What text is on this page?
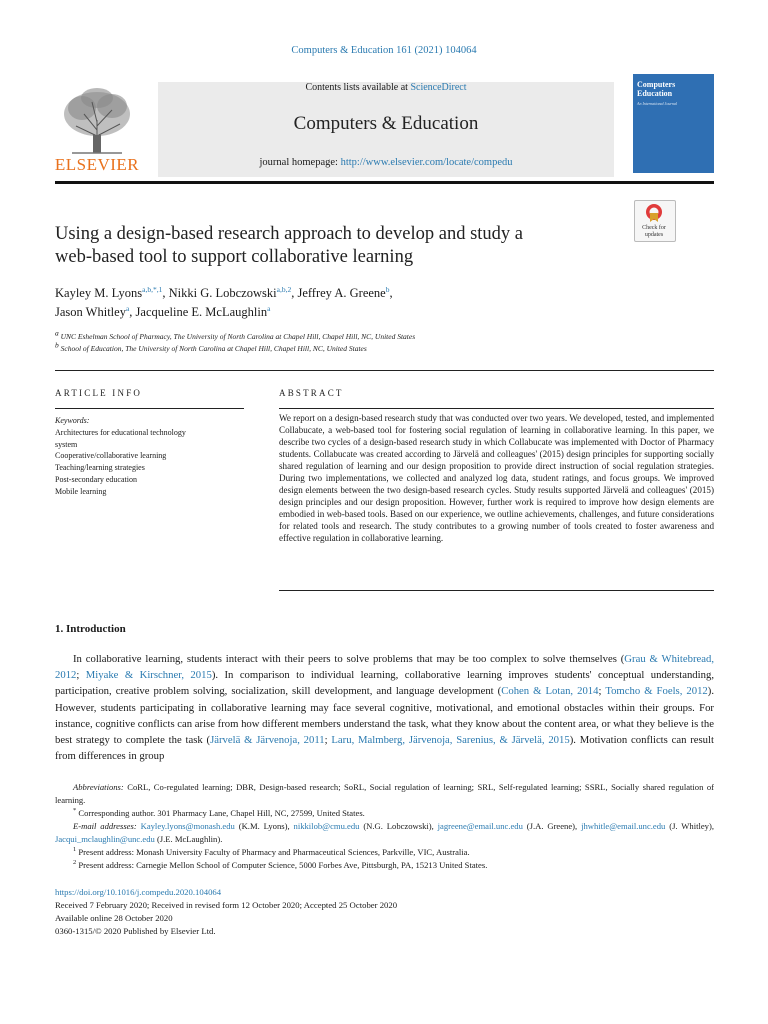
Computers & Education 161 (2021) 104064
ELSEVIER
Contents lists available at ScienceDirect
Computers & Education
journal homepage: http://www.elsevier.com/locate/compedu
Computers
Education
An International Journal
Check for updates
Using a design-based research approach to develop and study a
web-based tool to support collaborative learning
Kayley M. Lyons$^{a,b,*,1}$, Nikki G. Lobczowski$^{a,b,2}$, Jeffrey A. Greene$^b$,
Jason Whitley$^a$, Jacqueline E. McLaughlin$^a$
$^a$ UNC Eshelman School of Pharmacy, The University of North Carolina at Chapel Hill, Chapel Hill, NC, United States
$^b$ School of Education, The University of North Carolina at Chapel Hill, Chapel Hill, NC, United States
ARTICLE INFO
Keywords:
Architectures for educational technology
system
Cooperative/collaborative learning
Teaching/learning strategies
Post-secondary education
Mobile learning
ABSTRACT
We report on a design-based research study that was conducted over two years. We developed, tested, and implemented Collabucate, a web-based tool for fostering social regulation of learning in collaborative learning. In this paper, we describe two cycles of a design-based research study in which Collabucate was implemented with Doctor of Pharmacy students. Collabucate was created according to Järvelä and colleagues' (2015) design principles for supporting socially shared regulation of learning and our design proposition to provide direct instruction of social regulation strategies. During two implementations, we collected and analyzed log data, student ratings, and focus groups. We improved design elements between the two design-based research cycles. Study results supported Järvelä and colleagues' (2015) design principles and our design proposition. However, further work is required to improve how design elements are embodied in web-based tools. Based on our experience, we outline achievements, challenges, and future considerations for related tools and research. The study contributes to a growing number of tools created to foster awareness and effective regulation in collaborative learning.
1. Introduction
In collaborative learning, students interact with their peers to solve problems that may be too complex to solve themselves (Grau & Whitebread, 2012; Miyake & Kirschner, 2015). In comparison to individual learning, collaborative learning improves students' conceptual understanding, participation, creative problem solving, socialization, skill development, and language development (Cohen & Lotan, 2014; Tomcho & Foels, 2012). However, students participating in collaborative learning may face several cognitive, motivational, and emotional obstacles within their groups. For instance, cognitive conflicts can arise from how different members understand the task, what they know about the content area, or what they believe is the best strategy to complete the task (Järvelä & Järvenoja, 2011; Laru, Malmberg, Järvenoja, Sarenius, & Järvelä, 2015). Motivation conflicts can result from differences in group

Abbreviations: CoRL, Co-regulated learning; DBR, Design-based research; SoRL, Social regulation of learning; SRL, Self-regulated learning; SSRL, Socially shared regulation of learning.

* Corresponding author. 301 Pharmacy Lane, Chapel Hill, NC, 27599, United States.

E-mail addresses: Kayley.lyons@monash.edu (K.M. Lyons), nikkilob@cmu.edu (N.G. Lobczowski), jagreene@email.unc.edu (J.A. Greene), jhwhitle@email.unc.edu (J. Whitley), Jacqui_mclaughlin@unc.edu (J.E. McLaughlin).

$^1$ Present address: Monash University Faculty of Pharmacy and Pharmaceutical Sciences, Parkville, VIC, Australia.

$^2$ Present address: Carnegie Mellon School of Computer Science, 5000 Forbes Ave, Pittsburgh, PA, 15213 United States.

https://doi.org/10.1016/j.compedu.2020.104064
Received 7 February 2020; Received in revised form 12 October 2020; Accepted 25 October 2020
Available online 28 October 2020
0360-1315/© 2020 Published by Elsevier Ltd.
